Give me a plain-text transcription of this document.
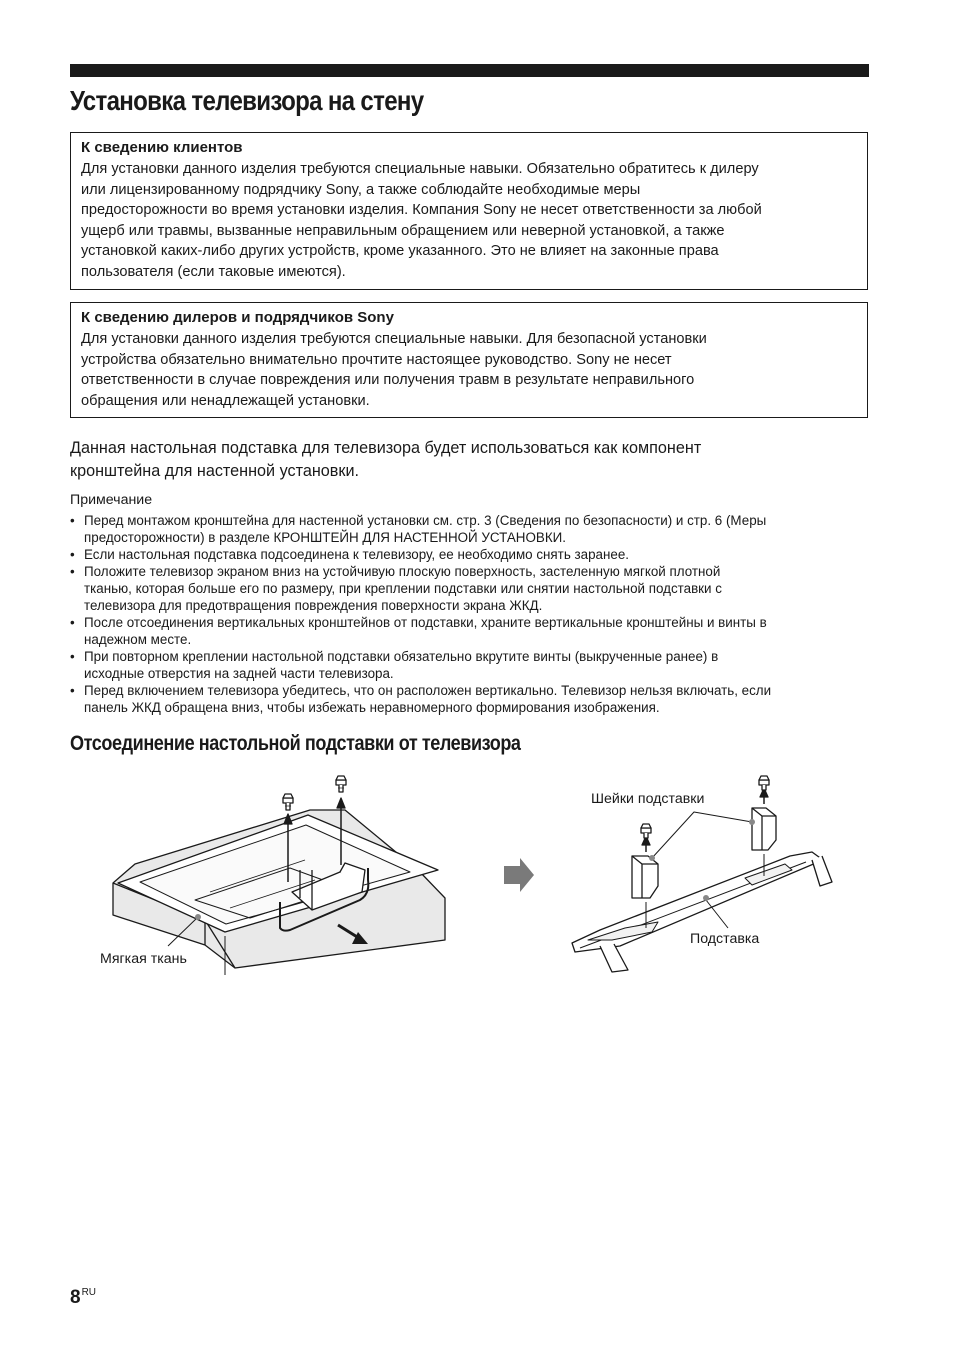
Установка телевизора на стену
К сведению клиентов
Для установки данного изделия требуются специальные навыки. Обязательно обратитесь к дилеру
или лицензированному подрядчику Sony, а также соблюдайте необходимые меры
предосторожности во время установки изделия. Компания Sony не несет ответственности за любой
ущерб или травмы, вызванные неправильным обращением или неверной установкой, а также
установкой каких-либо других устройств, кроме указанного. Это не влияет на законные права
пользователя (если таковые имеются).
К сведению дилеров и подрядчиков Sony
Для установки данного изделия требуются специальные навыки. Для безопасной установки
устройства обязательно внимательно прочтите настоящее руководство. Sony не несет
ответственности в случае повреждения или получения травм в результате неправильного
обращения или ненадлежащей установки.
Данная настольная подставка для телевизора будет использоваться как компонент
кронштейна для настенной установки.
Примечание
• Перед монтажом кронштейна для настенной установки см. стр. 3 (Сведения по безопасности) и стр. 6 (Меры
предосторожности) в разделе КРОНШТЕЙН ДЛЯ НАСТЕННОЙ УСТАНОВКИ.
• Если настольная подставка подсоединена к телевизору, ее необходимо снять заранее.
• Положите телевизор экраном вниз на устойчивую плоскую поверхность, застеленную мягкой плотной
тканью, которая больше его по размеру, при креплении подставки или снятии настольной подставки с
телевизора для предотвращения повреждения поверхности экрана ЖКД.
• После отсоединения вертикальных кронштейнов от подставки, храните вертикальные кронштейны и винты в
надежном месте.
• При повторном креплении настольной подставки обязательно вкрутите винты (выкрученные ранее) в
исходные отверстия на задней части телевизора.
• Перед включением телевизора убедитесь, что он расположен вертикально. Телевизор нельзя включать, если
панель ЖКД обращена вниз, чтобы избежать неравномерного формирования изображения.
Отсоединение настольной подставки от телевизора
Мягкая ткань
Шейки подставки
Подставка
$8^{RU}$
